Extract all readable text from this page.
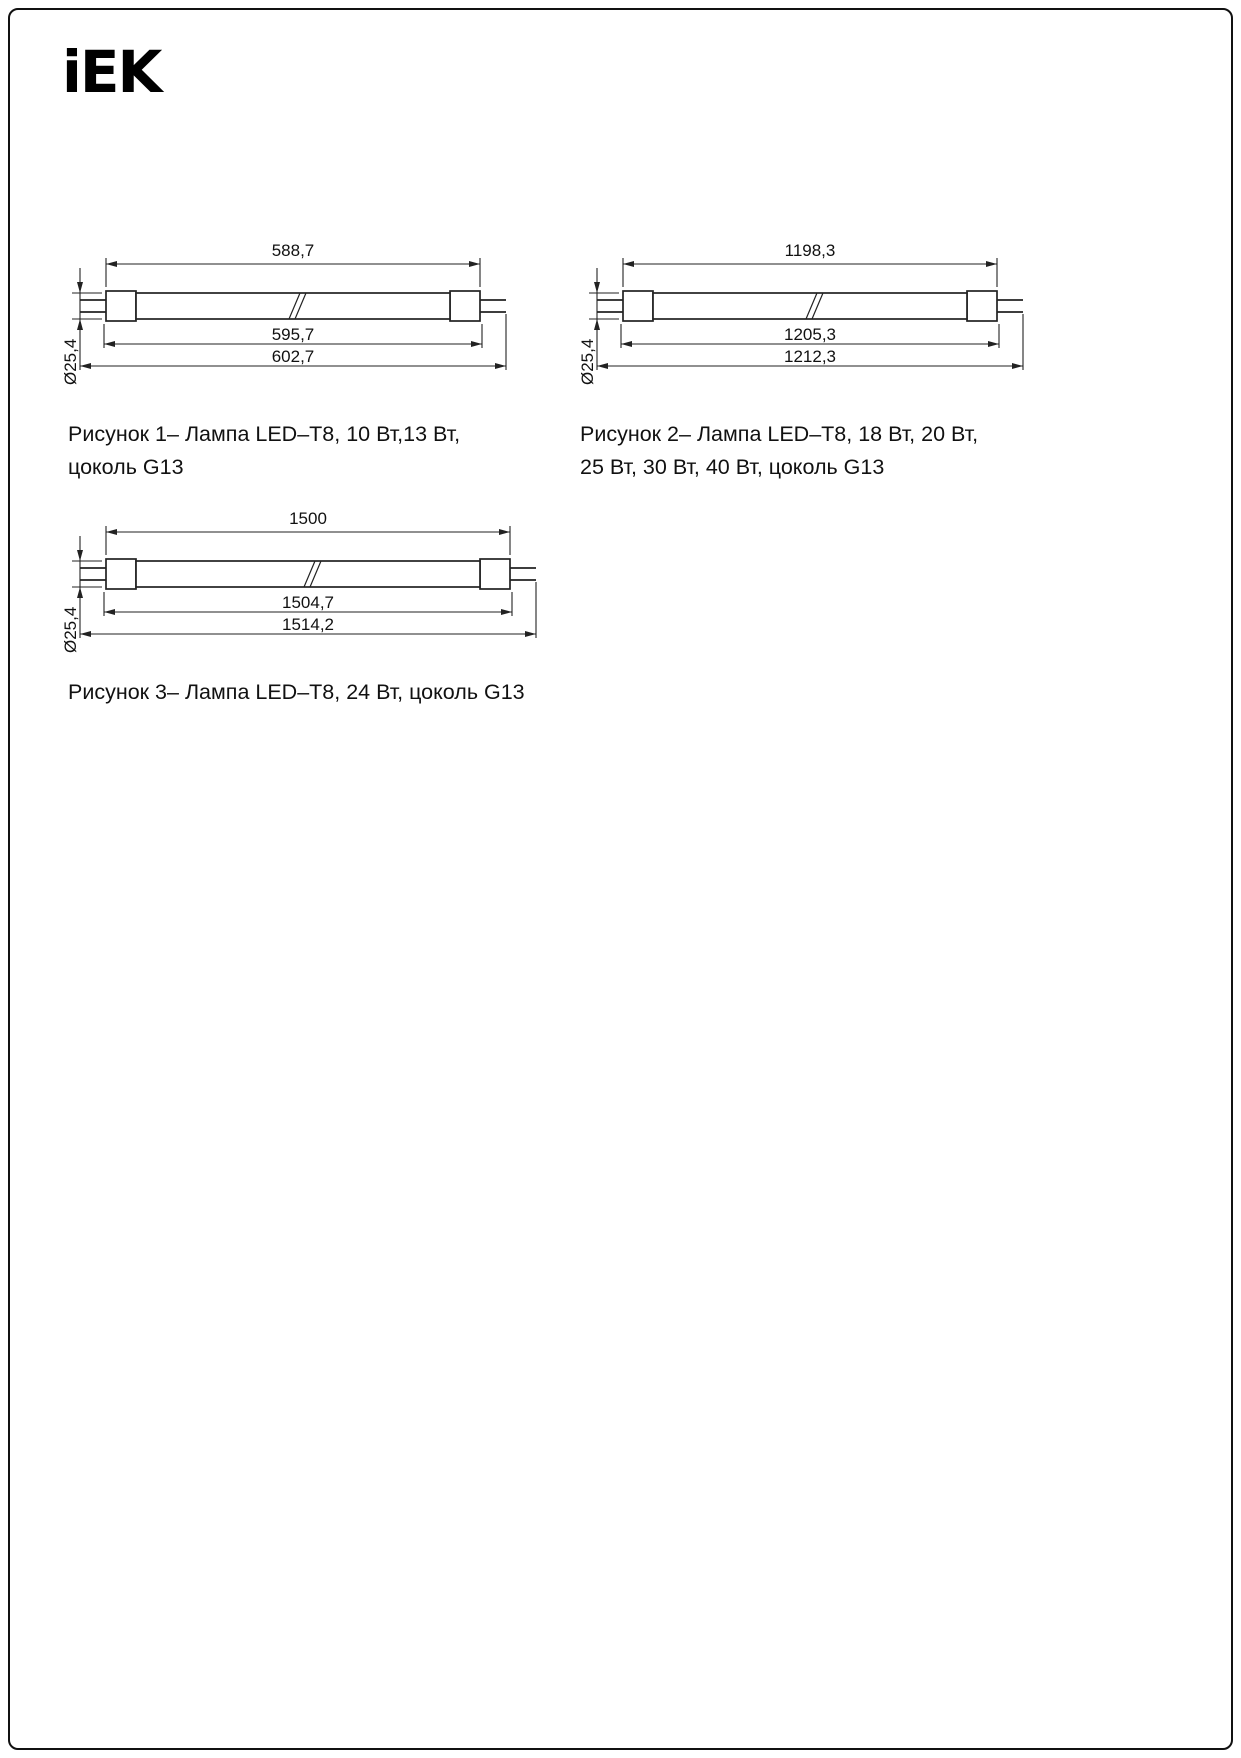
iEK
588,7
Ø25,4
595,7
602,7
1198,3
Ø25,4
1205,3
1212,3
1500
Ø25,4
1504,7
1514,2
Рисунок 1– Лампа LED–T8, 10 Вт,13 Вт,
цоколь G13
Рисунок 2– Лампа LED–T8, 18 Вт, 20 Вт,
25 Вт, 30 Вт, 40 Вт, цоколь G13
Рисунок 3– Лампа LED–T8, 24 Вт, цоколь G13
